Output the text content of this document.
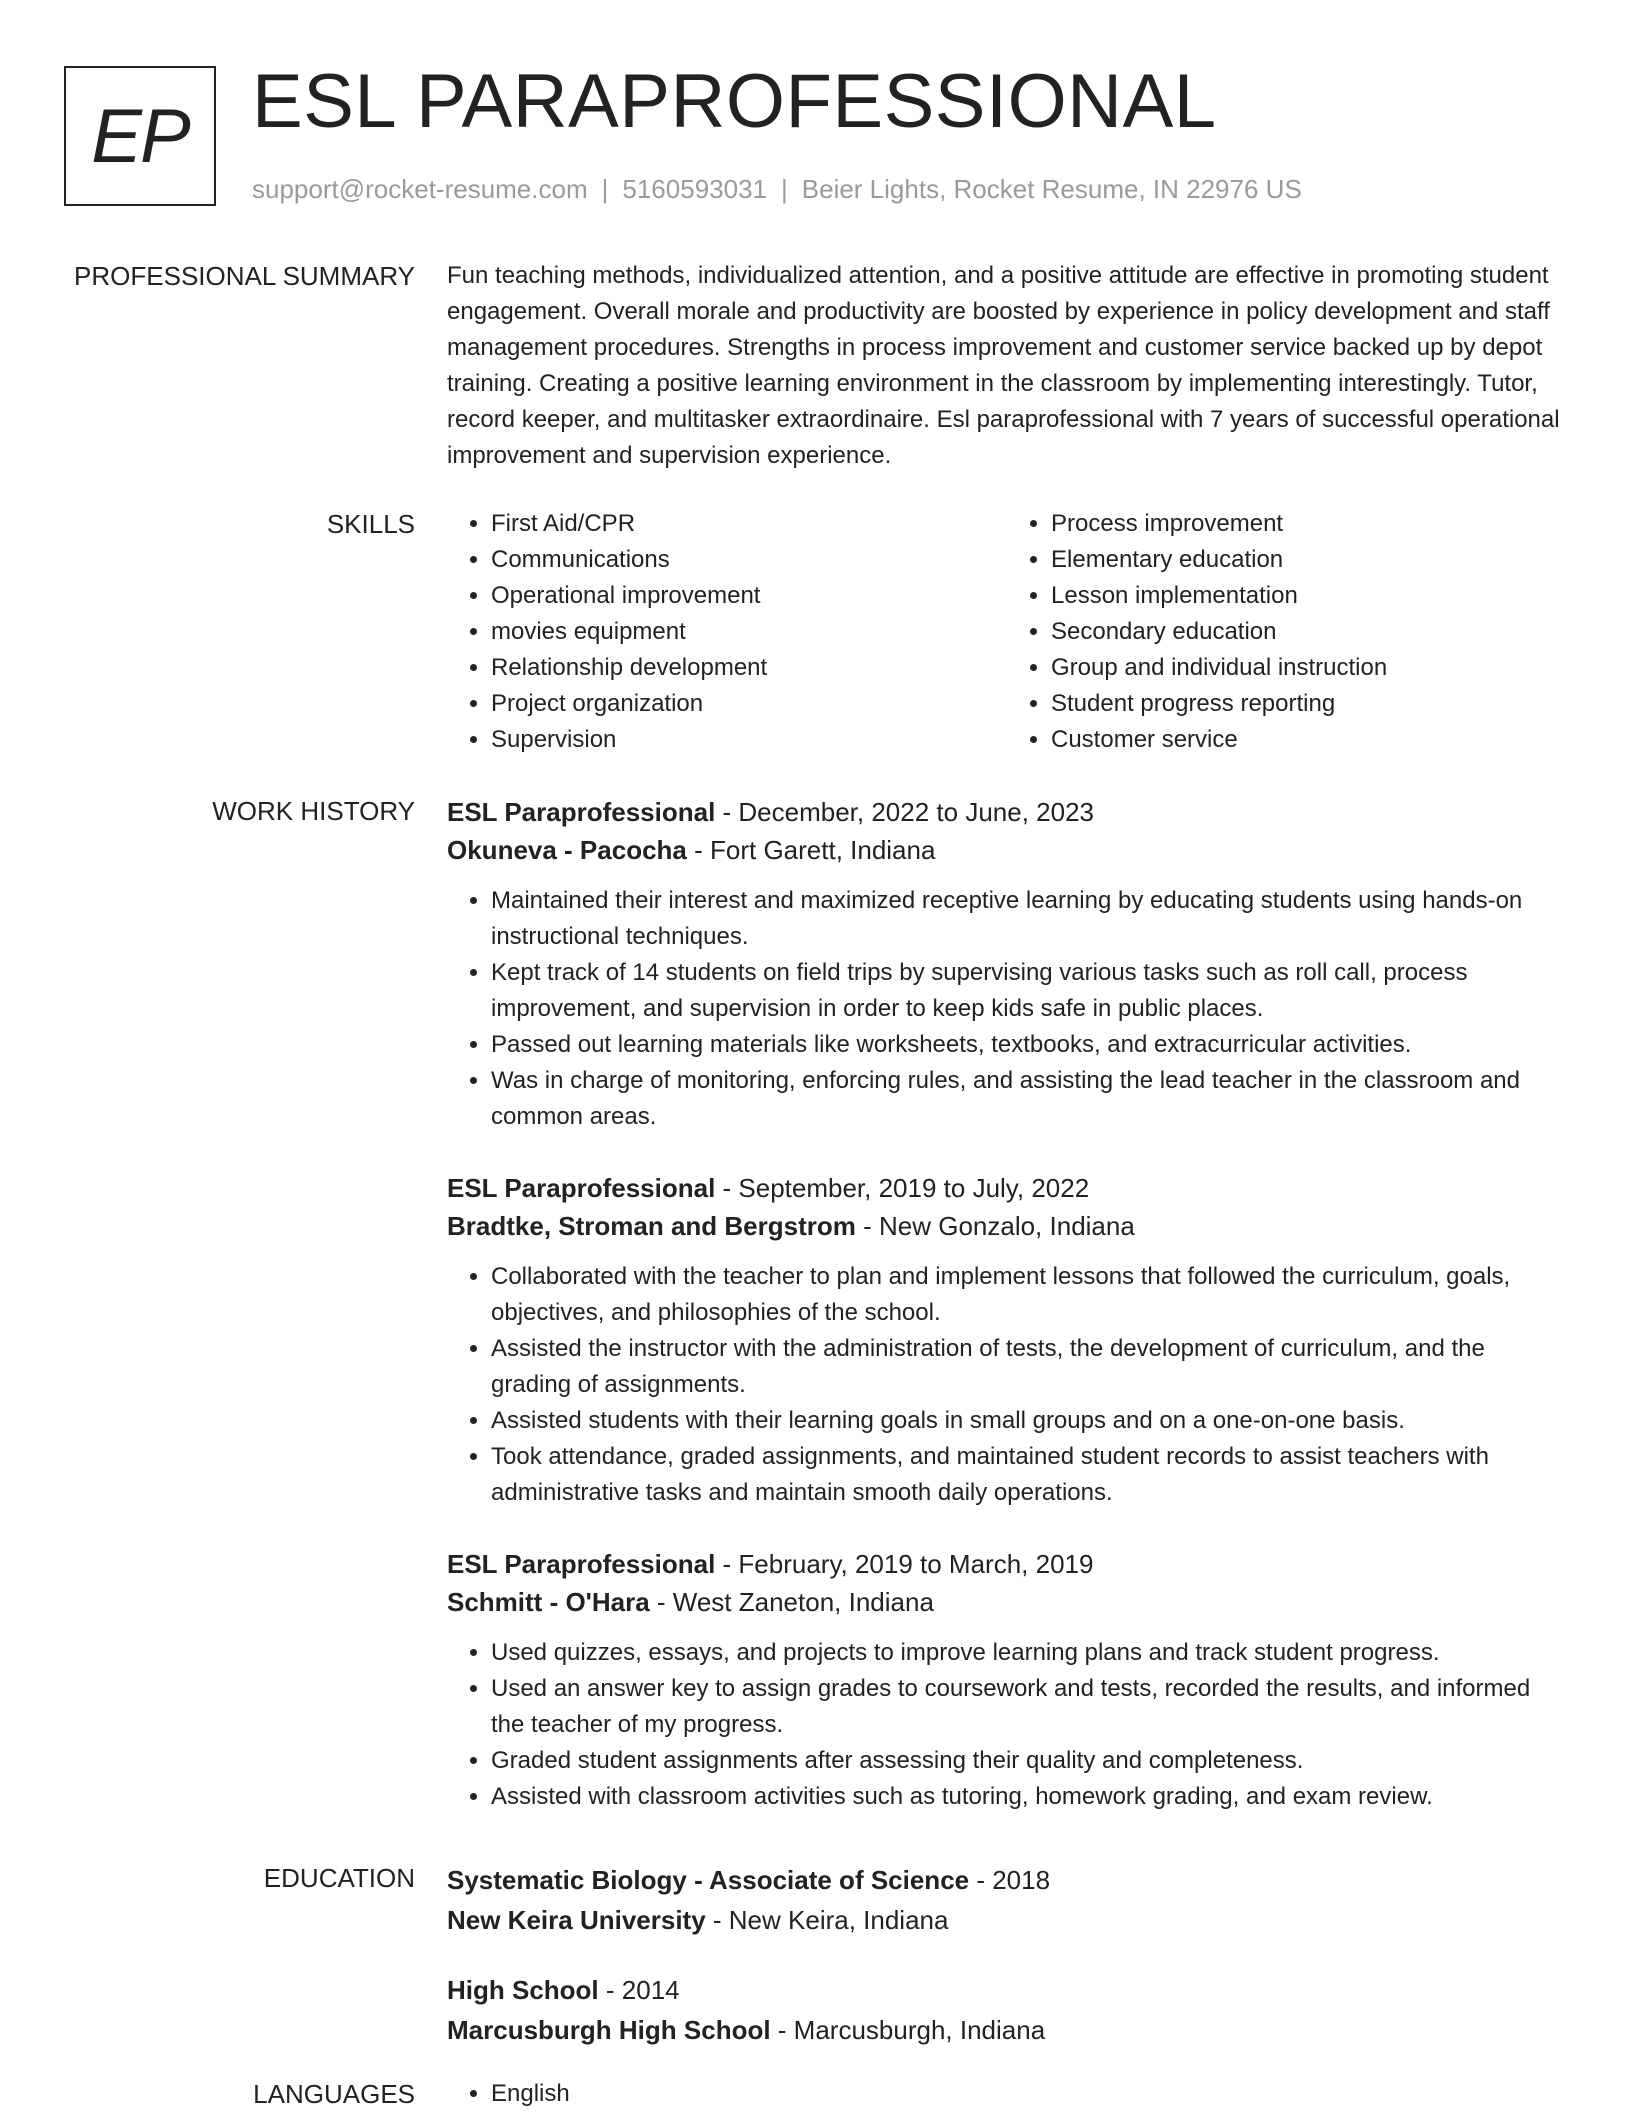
EP ESL PARAPROFESSIONAL
support@rocket-resume.com | 5160593031 | Beier Lights, Rocket Resume, IN 22976 US
PROFESSIONAL SUMMARY Fun teaching methods, individualized attention, and a positive attitude are effective in promoting student engagement. Overall morale and productivity are boosted by experience in policy development and staff management procedures. Strengths in process improvement and customer service backed up by depot training. Creating a positive learning environment in the classroom by implementing interestingly. Tutor, record keeper, and multitasker extraordinaire. Esl paraprofessional with 7 years of successful operational improvement and supervision experience.

SKILLS	• First Aid/CPR
• Communications
• Operational improvement
• movies equipment
• Relationship development
• Project organization
• Supervision
• Process improvement
• Elementary education
• Lesson implementation
• Secondary education
• Group and individual instruction
• Student progress reporting
• Customer service
WORK HISTORY ESL Paraprofessional - December, 2022 to June, 2023
Okuneva - Pacocha - Fort Garett, Indiana
• Maintained their interest and maximized receptive learning by educating students using hands-on instructional techniques.
• Kept track of 14 students on field trips by supervising various tasks such as roll call, process improvement, and supervision in order to keep kids safe in public places.
• Passed out learning materials like worksheets, textbooks, and extracurricular activities.
• Was in charge of monitoring, enforcing rules, and assisting the lead teacher in the classroom and common areas.
ESL Paraprofessional - September, 2019 to July, 2022
Bradtke, Stroman and Bergstrom - New Gonzalo, Indiana
• Collaborated with the teacher to plan and implement lessons that followed the curriculum, goals, objectives, and philosophies of the school.
• Assisted the instructor with the administration of tests, the development of curriculum, and the grading of assignments.
• Assisted students with their learning goals in small groups and on a one-on-one basis.
• Took attendance, graded assignments, and maintained student records to assist teachers with administrative tasks and maintain smooth daily operations.
ESL Paraprofessional - February, 2019 to March, 2019
Schmitt - O'Hara - West Zaneton, Indiana
• Used quizzes, essays, and projects to improve learning plans and track student progress.
• Used an answer key to assign grades to coursework and tests, recorded the results, and informed the teacher of my progress.
• Graded student assignments after assessing their quality and completeness.
• Assisted with classroom activities such as tutoring, homework grading, and exam review.
EDUCATION Systematic Biology - Associate of Science - 2018
New Keira University - New Keira, Indiana
High School - 2014
Marcusburgh High School - Marcusburgh, Indiana
LANGUAGES	• English
